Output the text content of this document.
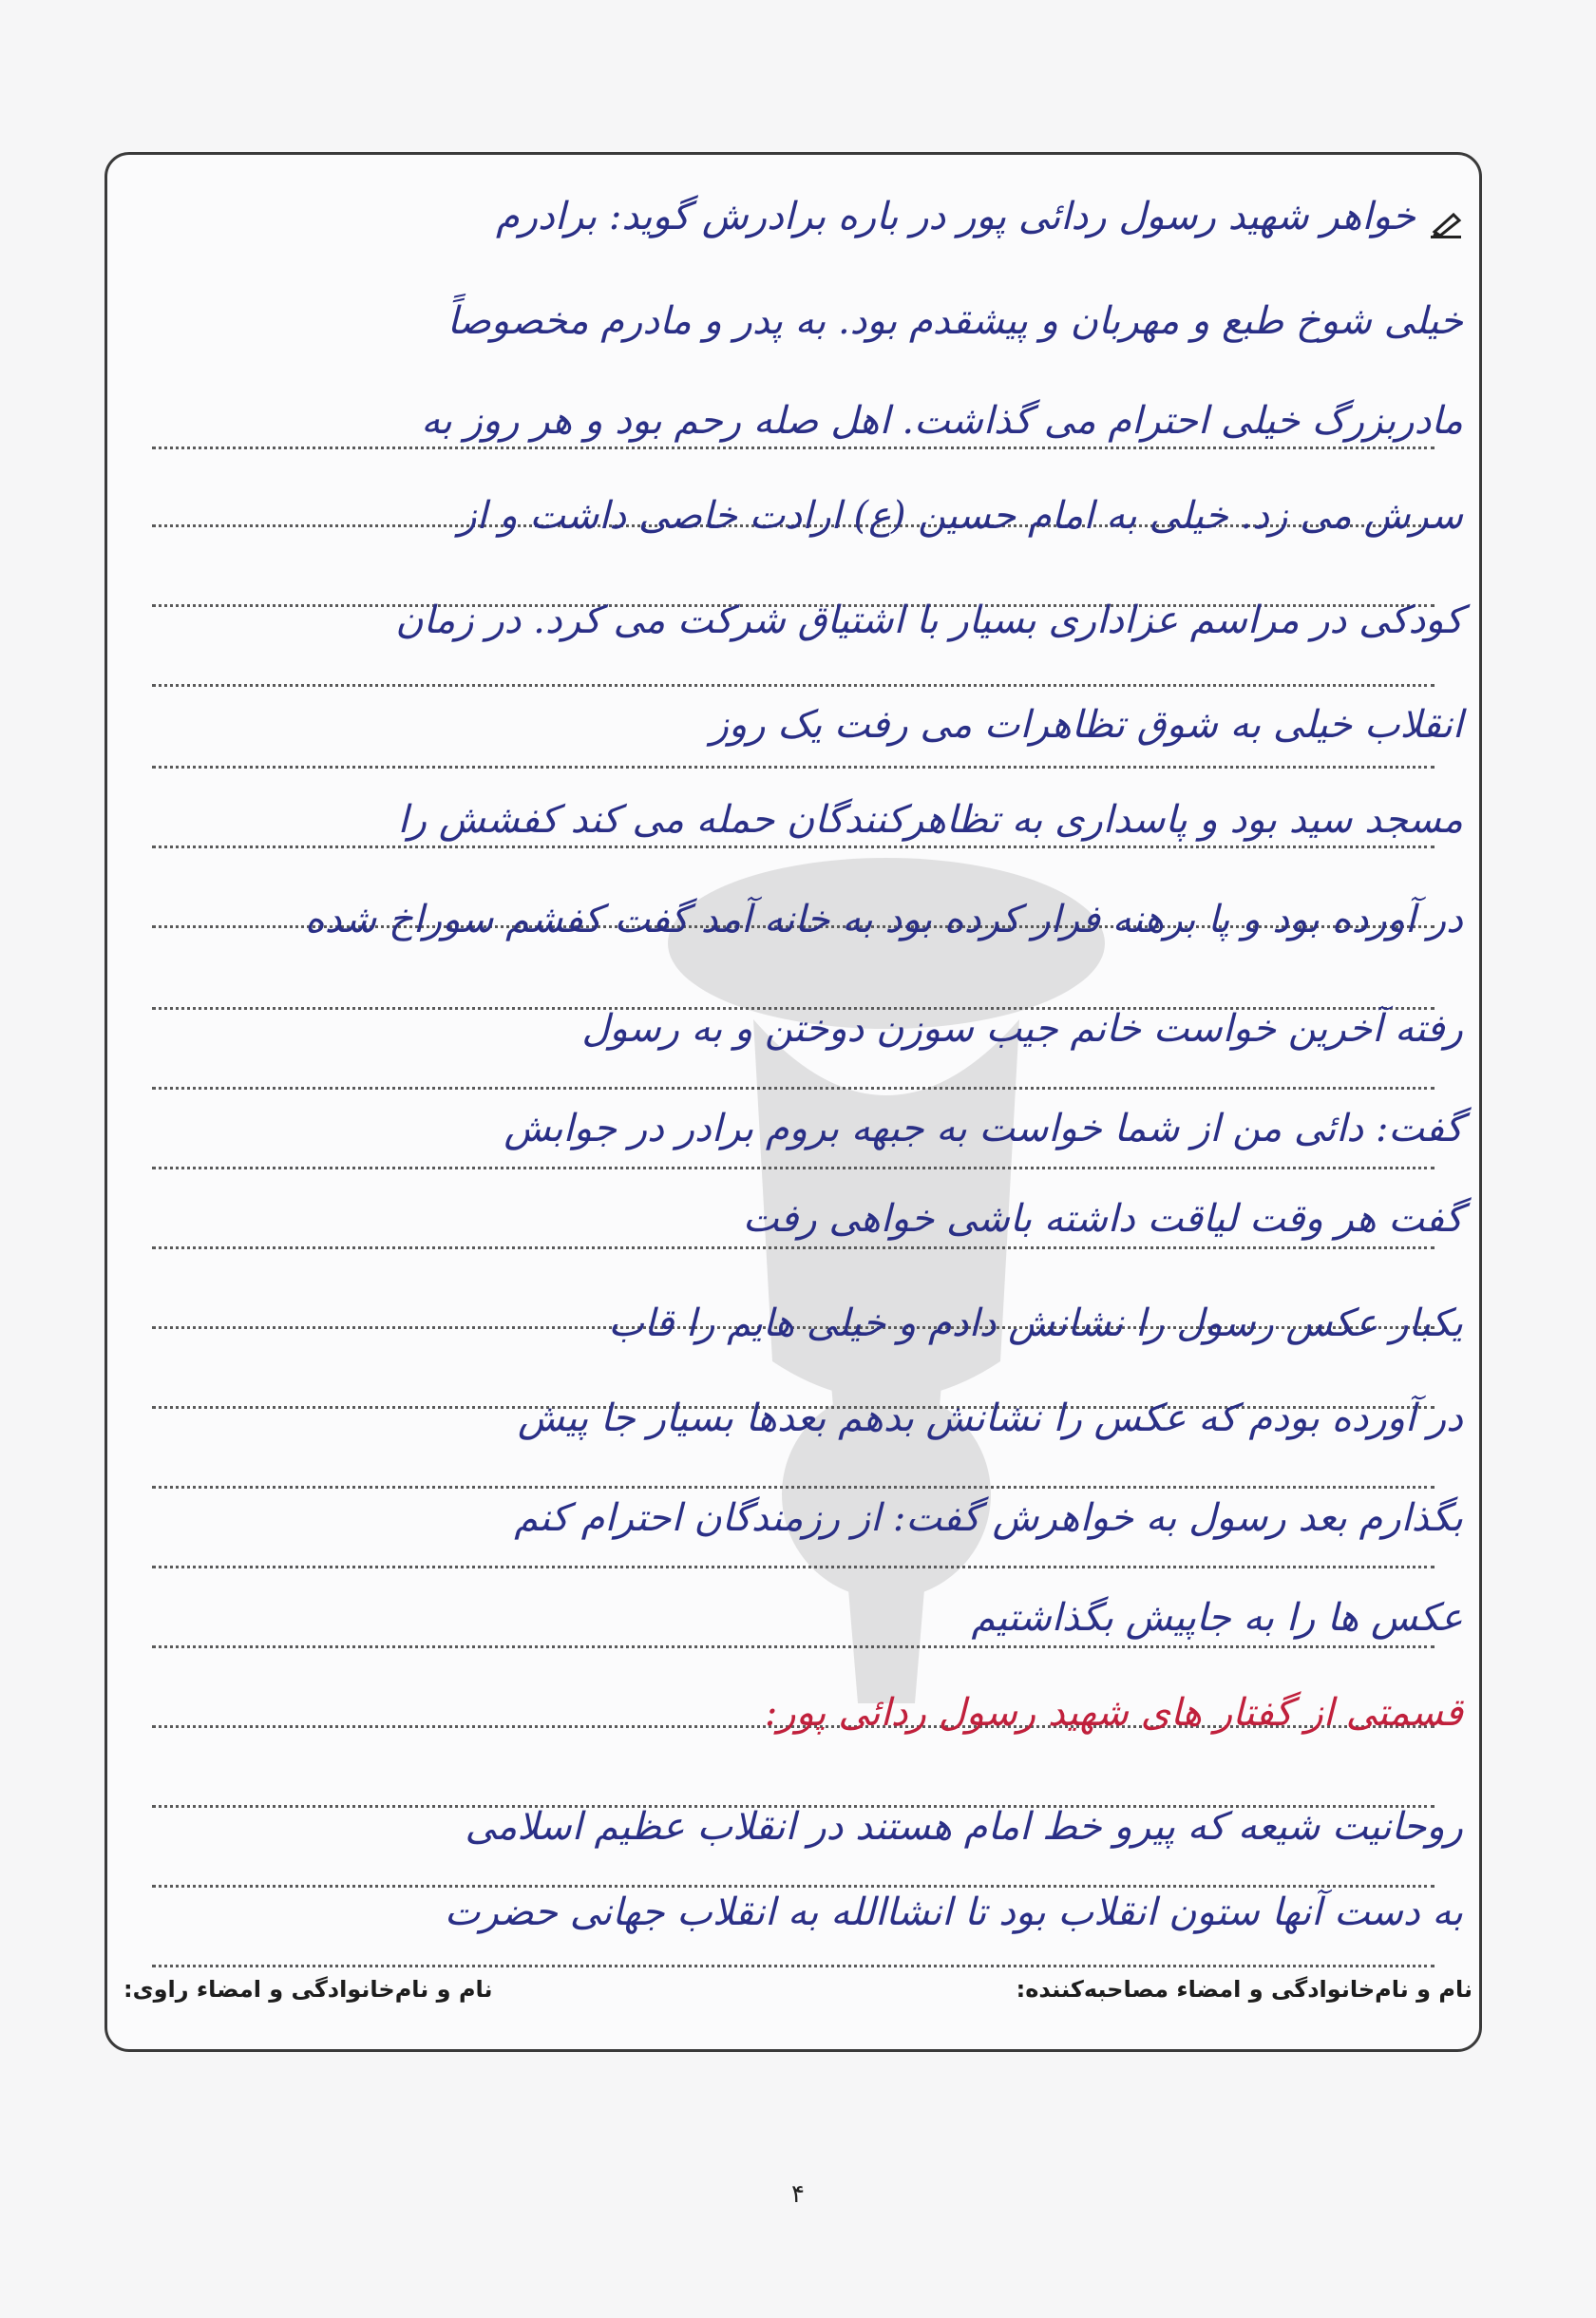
خواهر شهید رسول ردائی پور در باره برادرش گوید: برادرم
خیلی شوخ طبع و مهربان و پیشقدم بود. به پدر و مادرم مخصوصاً
مادربزرگ خیلی احترام می گذاشت. اهل صله رحم بود و هر روز به
سرش می زد. خیلی به امام حسین (ع) ارادت خاصی داشت و از
کودکی در مراسم عزاداری بسیار با اشتیاق شرکت می کرد. در زمان
انقلاب خیلی به شوق تظاهرات می رفت یک روز
مسجد سید بود و پاسداری به تظاهرکنندگان حمله می کند کفشش را
در آورده بود و پا برهنه فرار کرده بود به خانه آمد گفت کفشم سوراخ شده
رفته آخرین خواست خانم جیب سوزن دوختن و به رسول
گفت: دائی من از شما خواست به جبهه بروم برادر در جوابش
گفت هر وقت لیاقت داشته باشی خواهی رفت
یکبار عکس رسول را نشانش دادم و خیلی هایم را قاب
در آورده بودم که عکس را نشانش بدهم بعدها بسیار جا پیش
بگذارم بعد رسول به خواهرش گفت: از رزمندگان احترام کنم
عکس ها را به جاپیش بگذاشتیم
قسمتی از گفتار های شهید رسول ردائی پور:
روحانیت شیعه که پیرو خط امام هستند در انقلاب عظیم اسلامی
به دست آنها ستون انقلاب بود تا انشاالله به انقلاب جهانی حضرت
نام و نام‌خانوادگی و امضاء مصاحبه‌کننده:
نام و نام‌خانوادگی و امضاء راوی:
۴
